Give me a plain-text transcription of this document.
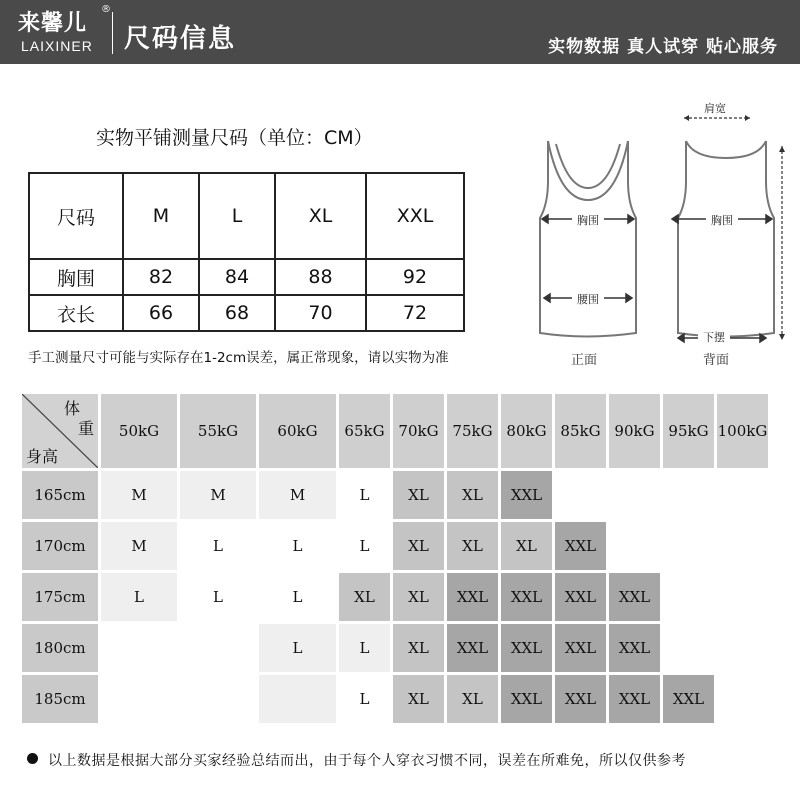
来馨儿
®
LAIXINER 尺码信息	实物数据 真人试穿 贴心服务
实物平铺测量尺码（单位：CM）
尺码	M	L	XL	XXL
胸围	82	84	88	92
衣长	66	68	70	72
手工测量尺寸可能与实际存在1-2cm误差，属正常现象，请以实物为准
胸围
腰围
正面
肩宽
胸围
下摆
背面
体
重
身高	50kG	55kG	60kG	65kG	70kG	75kG	80kG	85kG	90kG	95kG	100kG
165cm	M	M	M	L	XL	XL	XXL				
170cm	M	L	L	L	XL	XL	XL	XXL			
175cm	L	L	L	XL	XL	XXL	XXL	XXL	XXL		
180cm			L	L	XL	XXL	XXL	XXL	XXL		
185cm				L	XL	XL	XXL	XXL	XXL	XXL	
以上数据是根据大部分买家经验总结而出，由于每个人穿衣习惯不同，误差在所难免，所以仅供参考
